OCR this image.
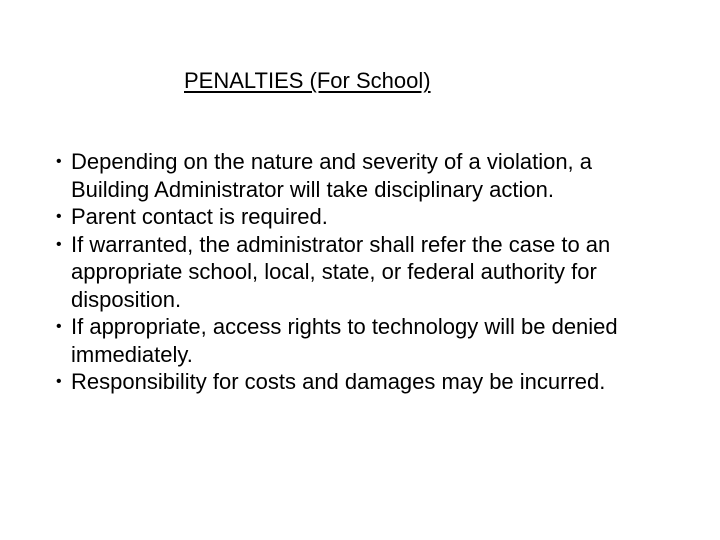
PENALTIES (For School)
• Depending on the nature and severity of a violation, a Building Administrator will take disciplinary action.
• Parent contact is required.
• If warranted, the administrator shall refer the case to an appropriate school, local, state, or federal authority for disposition.
• If appropriate, access rights to technology will be denied immediately.
• Responsibility for costs and damages may be incurred.
